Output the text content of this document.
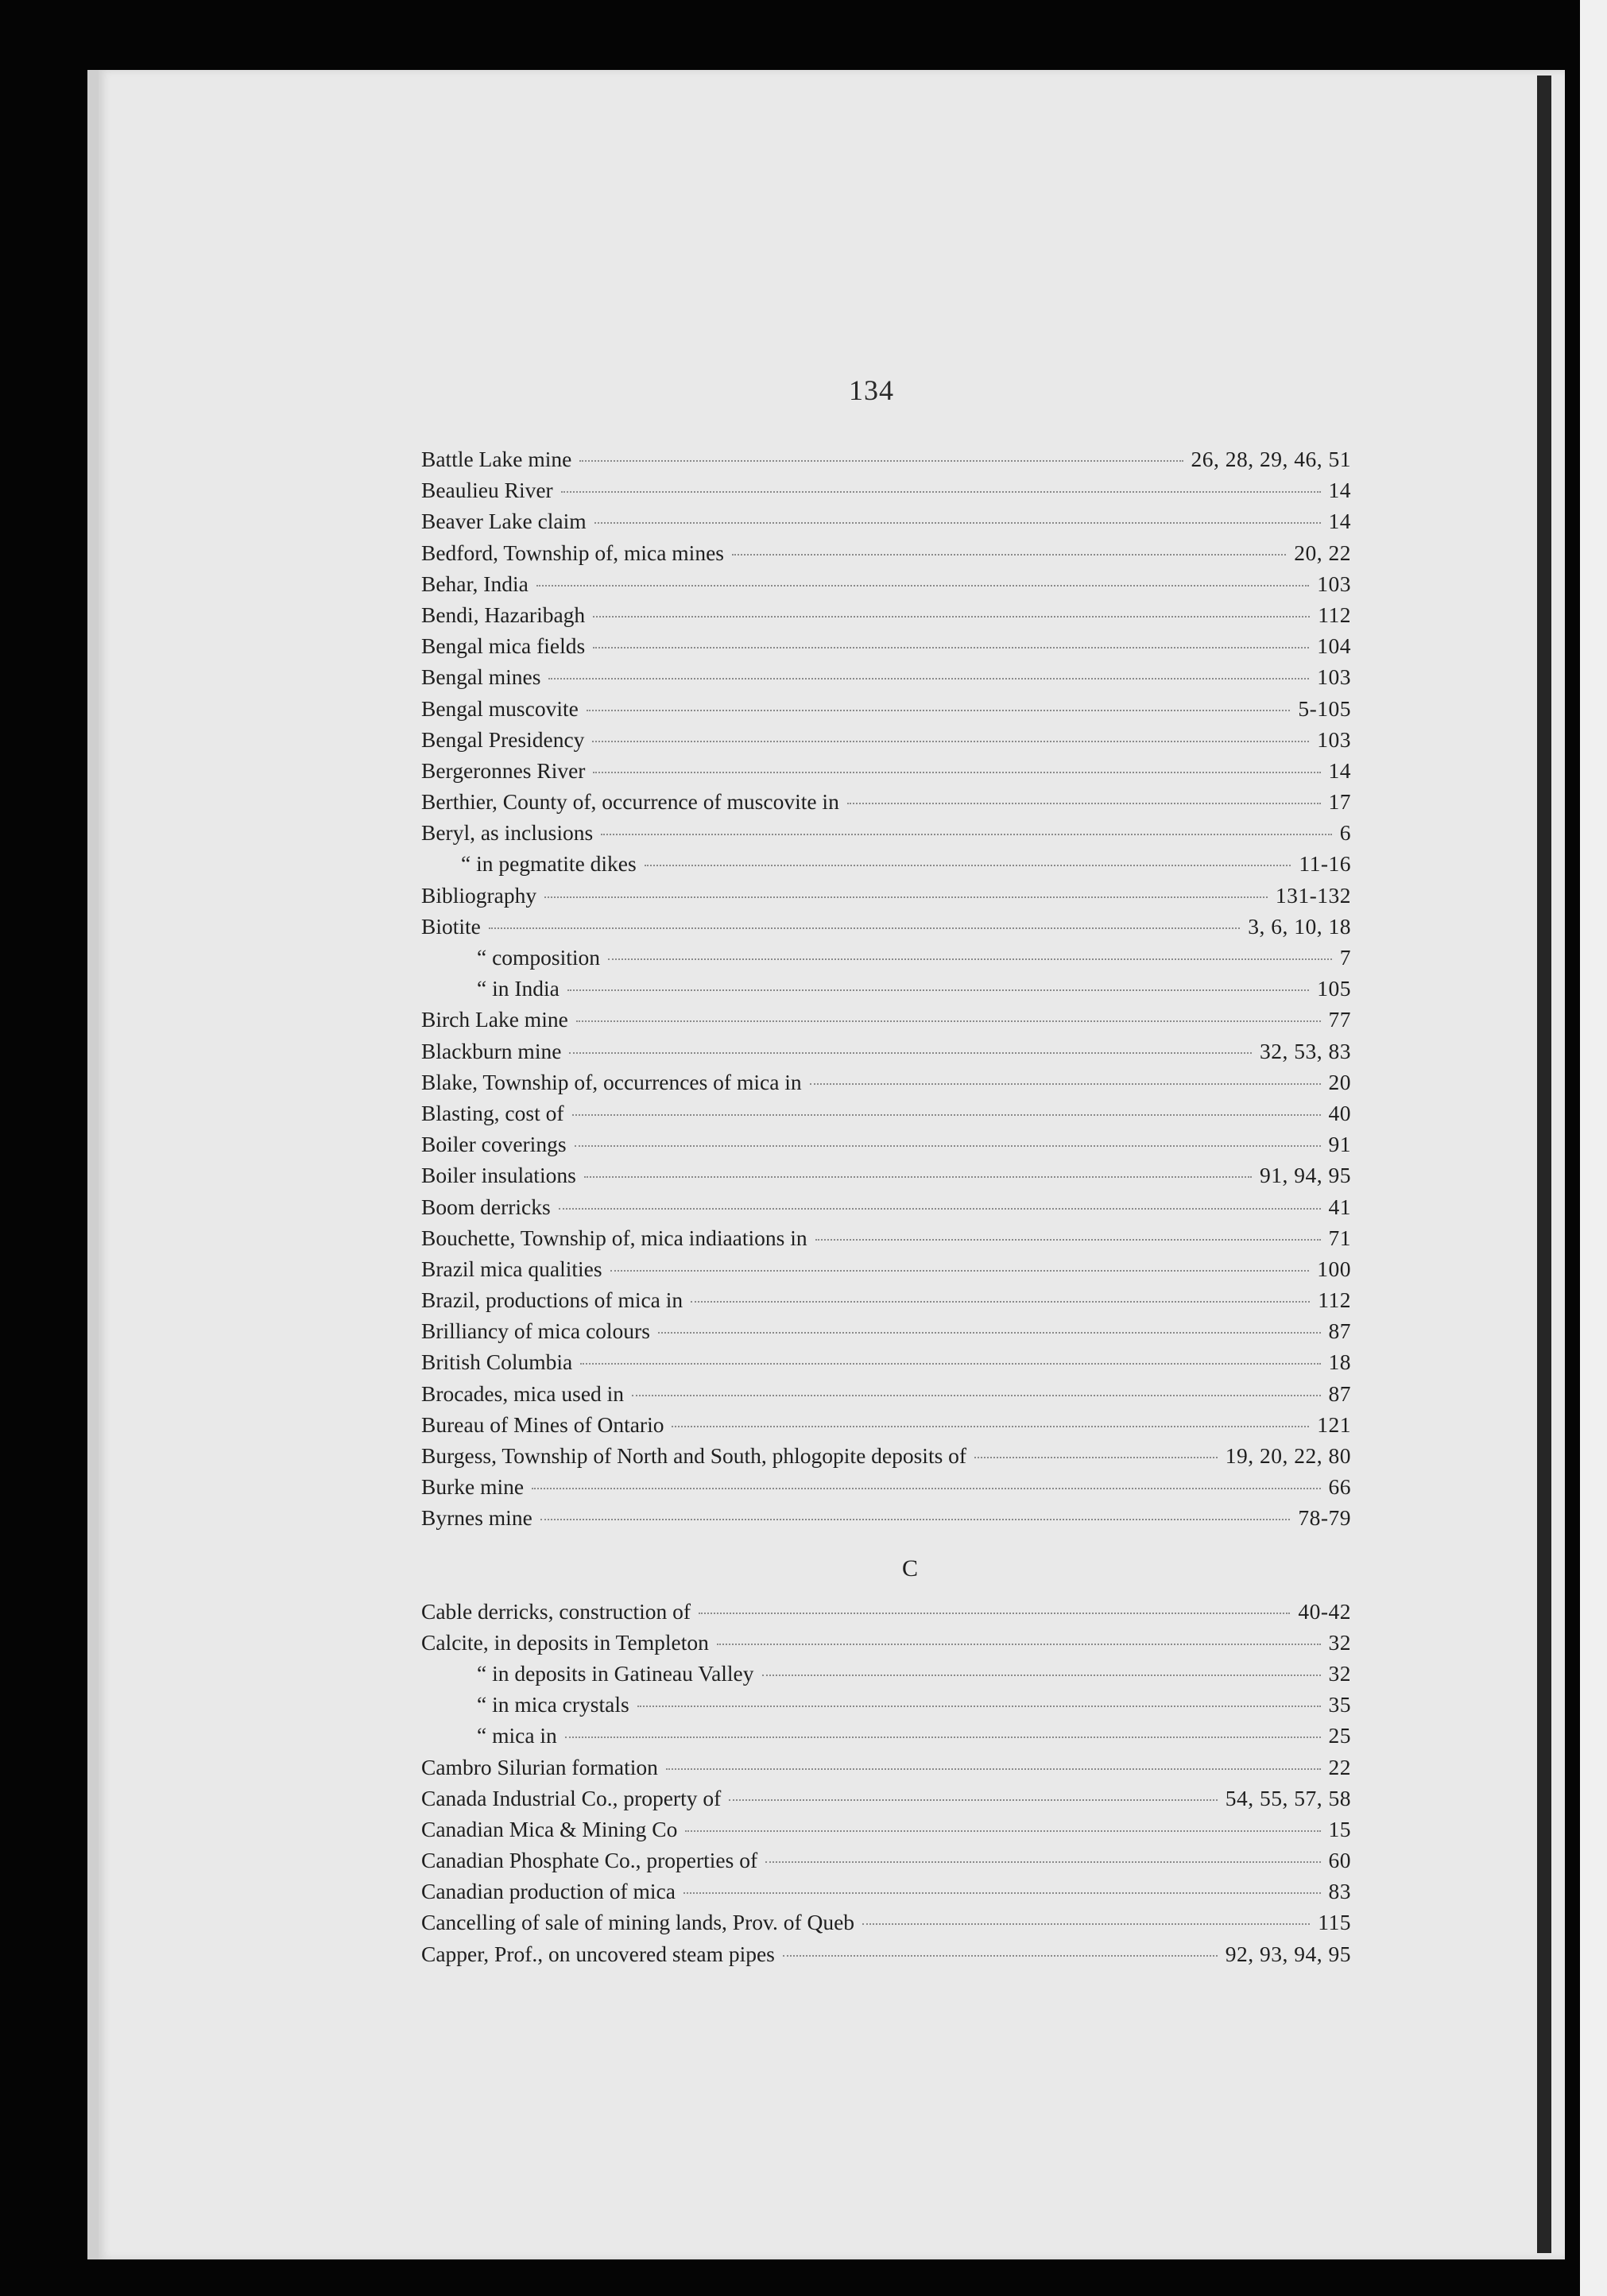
134
Battle Lake mine	26, 28, 29, 46, 51
Beaulieu River	14
Beaver Lake claim	14
Bedford, Township of, mica mines	20, 22
Behar, India	103
Bendi, Hazaribagh	112
Bengal mica fields	104
Bengal mines	103
Bengal muscovite	5-105
Bengal Presidency	103
Bergeronnes River	14
Berthier, County of, occurrence of muscovite in	17
Beryl, as inclusions	6
“ in pegmatite dikes	11-16
Bibliography	131-132
Biotite	3, 6, 10, 18
“ composition	7
“ in India	105
Birch Lake mine	77
Blackburn mine	32, 53, 83
Blake, Township of, occurrences of mica in	20
Blasting, cost of	40
Boiler coverings	91
Boiler insulations	91, 94, 95
Boom derricks	41
Bouchette, Township of, mica indiaations in	71
Brazil mica qualities	100
Brazil, productions of mica in	112
Brilliancy of mica colours	87
British Columbia	18
Brocades, mica used in	87
Bureau of Mines of Ontario	121
Burgess, Township of North and South, phlogopite deposits of	19, 20, 22, 80
Burke mine	66
Byrnes mine	78-79
C
Cable derricks, construction of	40-42
Calcite, in deposits in Templeton	32
“ in deposits in Gatineau Valley	32
“ in mica crystals	35
“ mica in	25
Cambro Silurian formation	22
Canada Industrial Co., property of	54, 55, 57, 58
Canadian Mica & Mining Co	15
Canadian Phosphate Co., properties of	60
Canadian production of mica	83
Cancelling of sale of mining lands, Prov. of Queb	115
Capper, Prof., on uncovered steam pipes	92, 93, 94, 95
